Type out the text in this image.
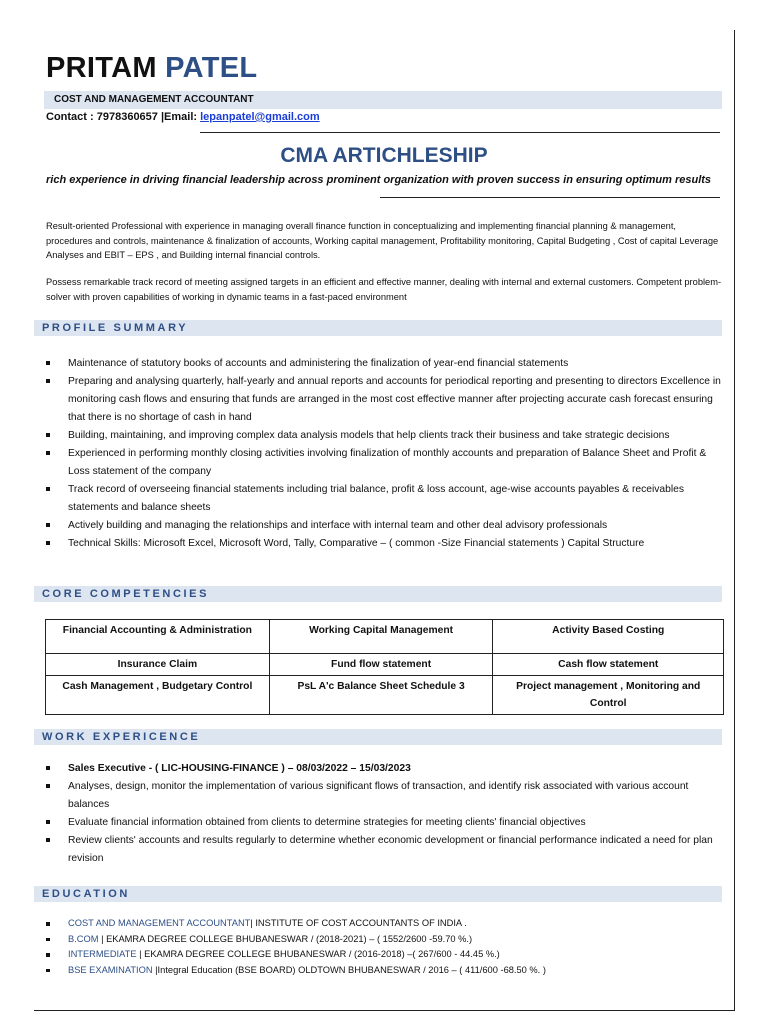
PRITAM PATEL
COST AND MANAGEMENT ACCOUNTANT
Contact : 7978360657 |Email: lepanpatel@gmail.com
CMA ARTICHLESHIP
rich experience in driving financial leadership across prominent organization with proven success in ensuring optimum results
Result-oriented Professional with experience in managing overall finance function in conceptualizing and implementing financial planning & management, procedures and controls, maintenance & finalization of accounts, Working capital management, Profitability monitoring, Capital Budgeting , Cost of capital Leverage Analyses and EBIT – EPS , and Building internal financial controls.
Possess remarkable track record of meeting assigned targets in an efficient and effective manner, dealing with internal and external customers. Competent problem-solver with proven capabilities of working in dynamic teams in a fast-paced environment
PROFILE SUMMARY
Maintenance of statutory books of accounts and administering the finalization of year-end financial statements
Preparing and analysing quarterly, half-yearly and annual reports and accounts for periodical reporting and presenting to directors Excellence in monitoring cash flows and ensuring that funds are arranged in the most cost effective manner after projecting accurate cash forecast ensuring that there is no shortage of cash in hand
Building, maintaining, and improving complex data analysis models that help clients track their business and take strategic decisions
Experienced in performing monthly closing activities involving finalization of monthly accounts and preparation of Balance Sheet and Profit & Loss statement of the company
Track record of overseeing financial statements including trial balance, profit & loss account, age-wise accounts payables & receivables statements and balance sheets
Actively building and managing the relationships and interface with internal team and other deal advisory professionals
Technical Skills: Microsoft Excel, Microsoft Word, Tally, Comparative – ( common -Size Financial statements ) Capital Structure
CORE COMPETENCIES
Financial Accounting & Administration	Working Capital Management	Activity Based Costing
Insurance Claim	Fund flow statement	Cash flow statement
Cash Management , Budgetary Control	PsL A'c Balance Sheet Schedule 3	Project management , Monitoring and Control
WORK EXPERICENCE
Sales Executive - ( LIC-HOUSING-FINANCE ) – 08/03/2022 – 15/03/2023
Analyses, design, monitor the implementation of various significant flows of transaction, and identify risk associated with various account balances
Evaluate financial information obtained from clients to determine strategies for meeting clients' financial objectives
Review clients' accounts and results regularly to determine whether economic development or financial performance indicated a need for plan revision
EDUCATION
COST AND MANAGEMENT ACCOUNTANT| INSTITUTE OF COST ACCOUNTANTS OF INDIA .
B.COM | EKAMRA DEGREE COLLEGE BHUBANESWAR / (2018-2021) – ( 1552/2600 -59.70 %.)
INTERMEDIATE | EKAMRA DEGREE COLLEGE BHUBANESWAR / (2016-2018) –( 267/600 - 44.45 %.)
BSE EXAMINATION |Integral Education (BSE BOARD) OLDTOWN BHUBANESWAR / 2016 – ( 411/600 -68.50 %. )
